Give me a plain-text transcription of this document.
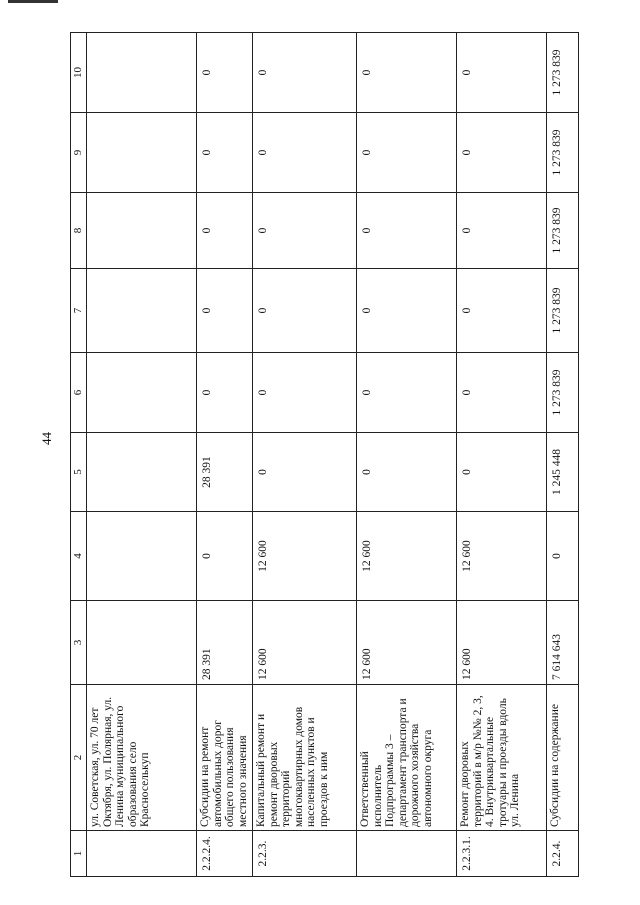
44
1	2	3	4	5	6	7	8	9	10
	ул. Советская, ул. 70 лет Октября, ул. Полярная, ул. Ленина муниципального образования село Красноселькуп								
2.2.2.4.	Субсидии на ремонт автомобильных дорог общего пользования местного значения	28 391	0	28 391	0	0	0	0	0
2.2.3.	Капитальный ремонт и ремонт дворовых территорий многоквартирных домов населенных пунктов и проездов к ним	12 600	12 600	0	0	0	0	0	0
	Ответственный исполнитель Подпрограммы 3 – департамент транспорта и дорожного хозяйства автономного округа	12 600	12 600	0	0	0	0	0	0
2.2.3.1.	Ремонт дворовых территорий в м/р №№ 2, 3, 4. Внутриквартальные тротуары и проезды вдоль ул. Ленина	12 600	12 600	0	0	0	0	0	0
2.2.4.	Субсидии на содержание	7 614 643	0	1 245 448	1 273 839	1 273 839	1 273 839	1 273 839	1 273 839
